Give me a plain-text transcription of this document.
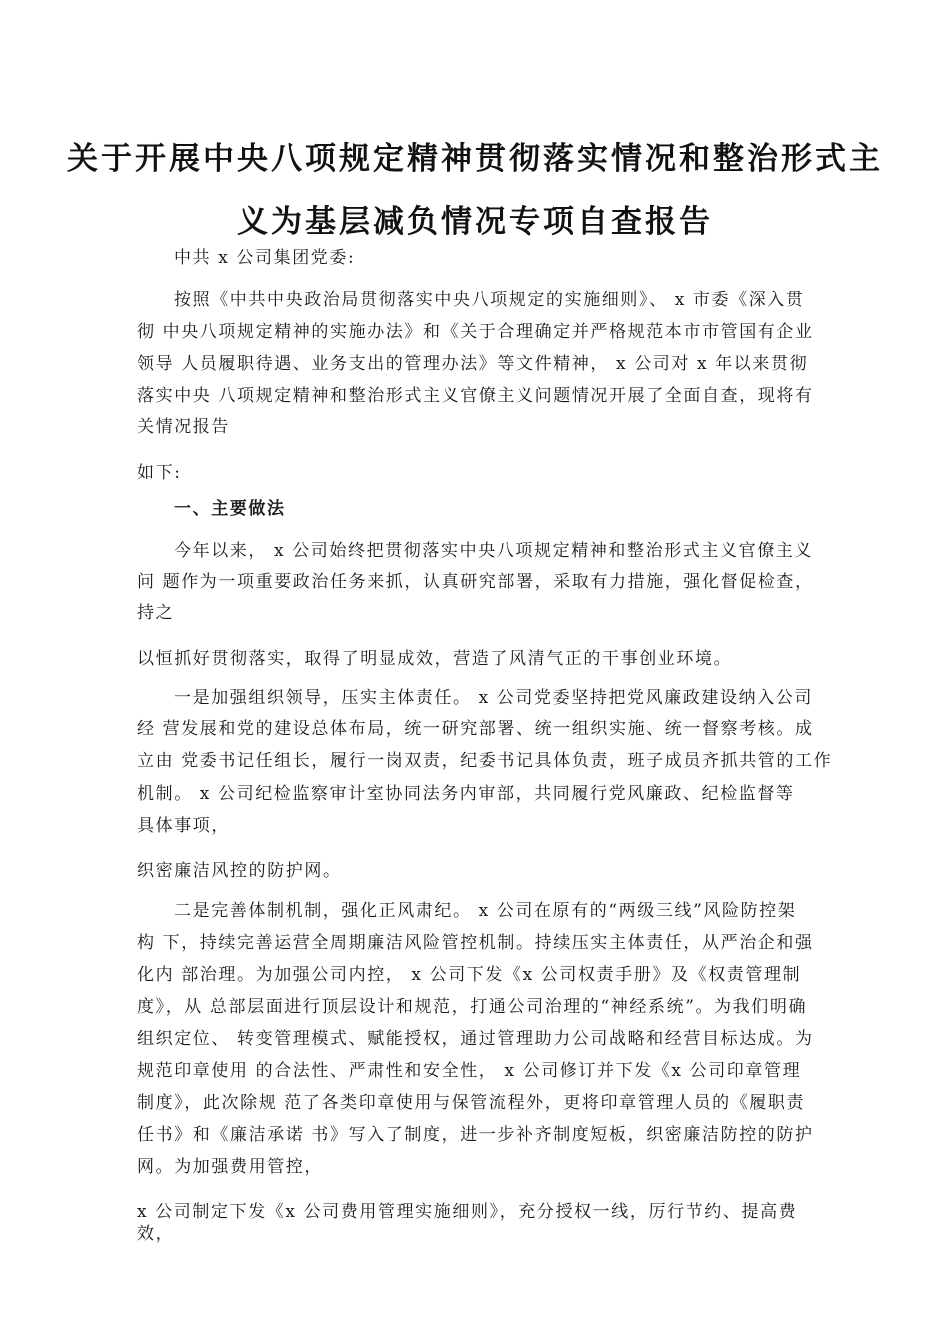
关于开展中央八项规定精神贯彻落实情况和整治形式主
义为基层减负情况专项自查报告
中共 x 公司集团党委:
按照《中共中央政治局贯彻落实中央八项规定的实施细则》、 x 市委《深入贯
彻 中央八项规定精神的实施办法》和《关于合理确定并严格规范本市市管国有企业
领导 人员履职待遇、业务支出的管理办法》等文件精神， x 公司对 x 年以来贯彻
落实中央 八项规定精神和整治形式主义官僚主义问题情况开展了全面自查，现将有
关情况报告
如下:
一、主要做法
今年以来， x 公司始终把贯彻落实中央八项规定精神和整治形式主义官僚主义
问 题作为一项重要政治任务来抓，认真研究部署，采取有力措施，强化督促检查，
持之
以恒抓好贯彻落实，取得了明显成效，营造了风清气正的干事创业环境。
一是加强组织领导，压实主体责任。 x 公司党委坚持把党风廉政建设纳入公司
经 营发展和党的建设总体布局，统一研究部署、统一组织实施、统一督察考核。成
立由 党委书记任组长，履行一岗双责，纪委书记具体负责，班子成员齐抓共管的工作
机制。 x 公司纪检监察审计室协同法务内审部，共同履行党风廉政、纪检监督等
具体事项，
织密廉洁风控的防护网。
二是完善体制机制，强化正风肃纪。 x 公司在原有的“两级三线”风险防控架
构 下，持续完善运营全周期廉洁风险管控机制。持续压实主体责任，从严治企和强
化内 部治理。为加强公司内控， x 公司下发《x 公司权责手册》及《权责管理制
度》，从 总部层面进行顶层设计和规范，打通公司治理的“神经系统”。为我们明确
组织定位、 转变管理模式、赋能授权，通过管理助力公司战略和经营目标达成。为
规范印章使用 的合法性、严肃性和安全性， x 公司修订并下发《x 公司印章管理
制度》，此次除规 范了各类印章使用与保管流程外，更将印章管理人员的《履职责
任书》和《廉洁承诺 书》写入了制度，进一步补齐制度短板，织密廉洁防控的防护
网。为加强费用管控，
x 公司制定下发《x 公司费用管理实施细则》，充分授权一线，厉行节约、提高费
效，
